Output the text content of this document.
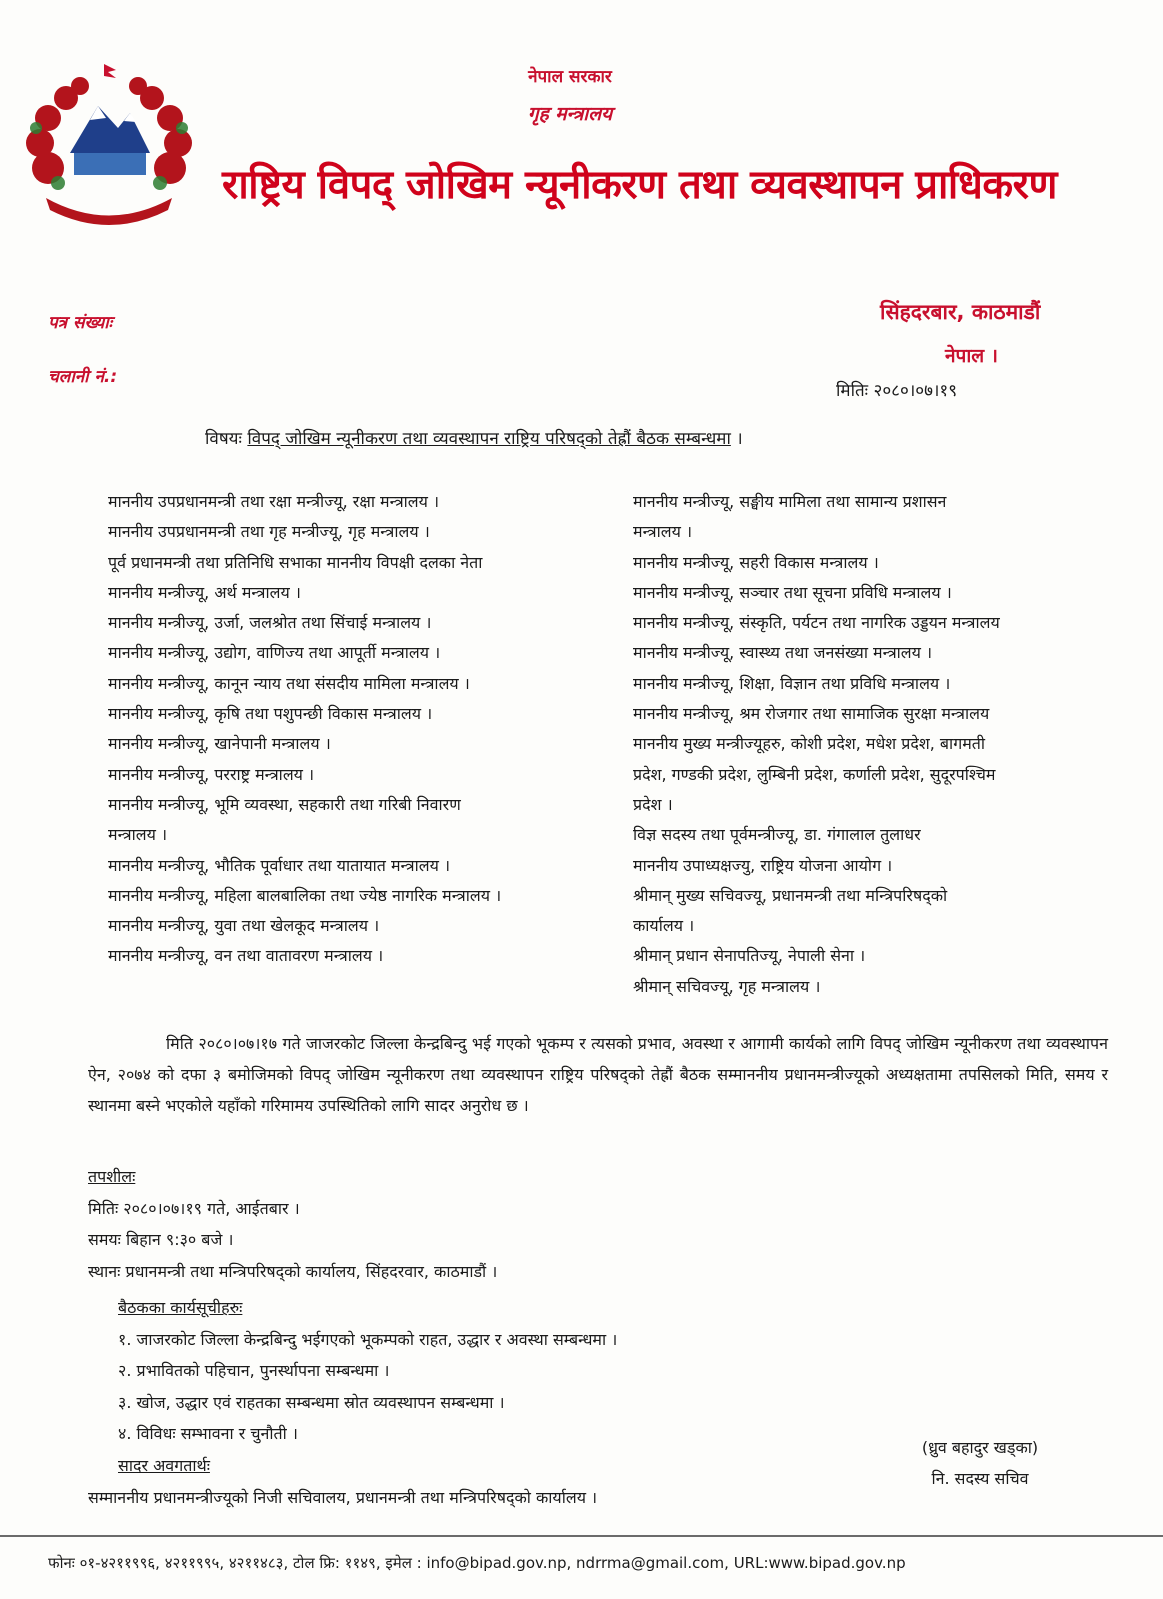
नेपाल सरकार
गृह मन्त्रालय
राष्ट्रिय विपद् जोखिम न्यूनीकरण तथा व्यवस्थापन प्राधिकरण
पत्र संख्याः
चलानी नं.:
सिंहदरबार, काठमाडौं
नेपाल ।
मितिः २०८०।०७।१९
विषयः विपद् जोखिम न्यूनीकरण तथा व्यवस्थापन राष्ट्रिय परिषद्को तेह्रौं बैठक सम्बन्धमा ।
माननीय उपप्रधानमन्त्री तथा रक्षा मन्त्रीज्यू, रक्षा मन्त्रालय ।
माननीय उपप्रधानमन्त्री तथा गृह मन्त्रीज्यू, गृह मन्त्रालय ।
पूर्व प्रधानमन्त्री तथा प्रतिनिधि सभाका माननीय विपक्षी दलका नेता
माननीय मन्त्रीज्यू, अर्थ मन्त्रालय ।
माननीय मन्त्रीज्यू, उर्जा, जलश्रोत तथा सिंचाई मन्त्रालय ।
माननीय मन्त्रीज्यू, उद्योग, वाणिज्य तथा आपूर्ती मन्त्रालय ।
माननीय मन्त्रीज्यू, कानून न्याय तथा संसदीय मामिला मन्त्रालय ।
माननीय मन्त्रीज्यू, कृषि तथा पशुपन्छी विकास मन्त्रालय ।
माननीय मन्त्रीज्यू, खानेपानी मन्त्रालय ।
माननीय मन्त्रीज्यू, परराष्ट्र मन्त्रालय ।
माननीय मन्त्रीज्यू, भूमि व्यवस्था, सहकारी तथा गरिबी निवारण
मन्त्रालय ।
माननीय मन्त्रीज्यू, भौतिक पूर्वाधार तथा यातायात मन्त्रालय ।
माननीय मन्त्रीज्यू, महिला बालबालिका तथा ज्येष्ठ नागरिक मन्त्रालय ।
माननीय मन्त्रीज्यू, युवा तथा खेलकूद मन्त्रालय ।
माननीय मन्त्रीज्यू, वन तथा वातावरण मन्त्रालय ।
माननीय मन्त्रीज्यू, सङ्घीय मामिला तथा सामान्य प्रशासन
मन्त्रालय ।
माननीय मन्त्रीज्यू, सहरी विकास मन्त्रालय ।
माननीय मन्त्रीज्यू, सञ्चार तथा सूचना प्रविधि मन्त्रालय ।
माननीय मन्त्रीज्यू, संस्कृति, पर्यटन तथा नागरिक उड्डयन मन्त्रालय
माननीय मन्त्रीज्यू, स्वास्थ्य तथा जनसंख्या मन्त्रालय ।
माननीय मन्त्रीज्यू, शिक्षा, विज्ञान तथा प्रविधि मन्त्रालय ।
माननीय मन्त्रीज्यू, श्रम रोजगार तथा सामाजिक सुरक्षा मन्त्रालय
माननीय मुख्य मन्त्रीज्यूहरु, कोशी प्रदेश, मधेश प्रदेश, बागमती
प्रदेश, गण्डकी प्रदेश, लुम्बिनी प्रदेश, कर्णाली प्रदेश, सुदूरपश्चिम
प्रदेश ।
विज्ञ सदस्य तथा पूर्वमन्त्रीज्यू, डा. गंगालाल तुलाधर
माननीय उपाध्यक्षज्यु, राष्ट्रिय योजना आयोग ।
श्रीमान् मुख्य सचिवज्यू, प्रधानमन्त्री तथा मन्त्रिपरिषद्को
कार्यालय ।
श्रीमान् प्रधान सेनापतिज्यू, नेपाली सेना ।
श्रीमान् सचिवज्यू, गृह मन्त्रालय ।
मिति २०८०।०७।१७ गते जाजरकोट जिल्ला केन्द्रबिन्दु भई गएको भूकम्प र त्यसको प्रभाव, अवस्था र आगामी कार्यको लागि विपद् जोखिम न्यूनीकरण तथा व्यवस्थापन ऐन, २०७४ को दफा ३ बमोजिमको विपद् जोखिम न्यूनीकरण तथा व्यवस्थापन राष्ट्रिय परिषद्को तेह्रौं बैठक सम्माननीय प्रधानमन्त्रीज्यूको अध्यक्षतामा तपसिलको मिति, समय र स्थानमा बस्ने भएकोले यहाँको गरिमामय उपस्थितिको लागि सादर अनुरोध छ ।
तपशीलः
मितिः २०८०।०७।१९ गते, आईतबार ।
समयः बिहान ९:३० बजे ।
स्थानः प्रधानमन्त्री तथा मन्त्रिपरिषद्को कार्यालय, सिंहदरवार, काठमाडौं ।
बैठकका कार्यसूचीहरुः
१. जाजरकोट जिल्ला केन्द्रबिन्दु भईगएको भूकम्पको राहत, उद्धार र अवस्था सम्बन्धमा ।
२. प्रभावितको पहिचान, पुनर्स्थापना सम्बन्धमा ।
३. खोज, उद्धार एवं राहतका सम्बन्धमा स्रोत व्यवस्थापन सम्बन्धमा ।
४. विविधः सम्भावना र चुनौती ।
सादर अवगतार्थः
सम्माननीय प्रधानमन्त्रीज्यूको निजी सचिवालय, प्रधानमन्त्री तथा मन्त्रिपरिषद्को कार्यालय ।
(ध्रुव बहादुर खड्का)
नि. सदस्य सचिव
फोनः ०१-४२११९९६, ४२११९९५, ४२११४८३, टोल फ्रि: ११४९, इमेल : info@bipad.gov.np, ndrrma@gmail.com, URL:www.bipad.gov.np
